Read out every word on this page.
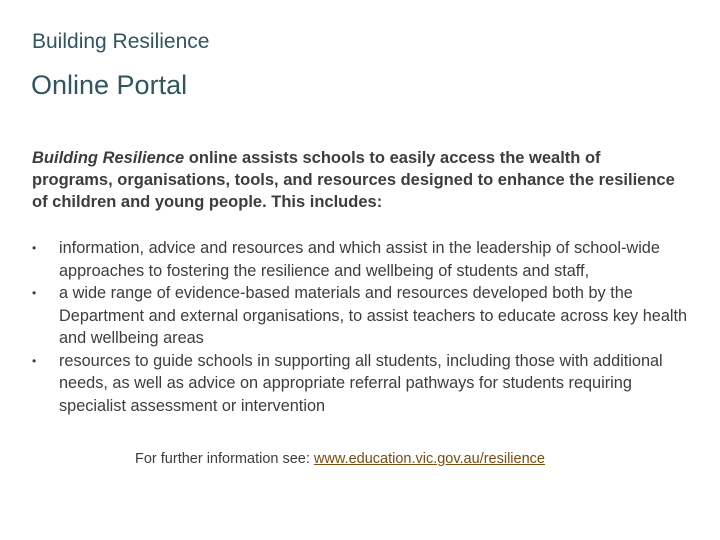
Building Resilience
Online Portal
Building Resilience online assists schools to easily access the wealth of programs, organisations, tools, and resources designed to enhance the resilience of children and young people. This includes:
•	information, advice and resources and which assist in the leadership of school-wide approaches to fostering the resilience and wellbeing of students and staff,
•	a wide range of evidence-based materials and resources developed both by the Department and external organisations, to assist teachers to educate across key health and wellbeing areas
•	resources to guide schools in supporting all students, including those with additional needs, as well as advice on appropriate referral pathways for students requiring specialist assessment or intervention
For further information see: www.education.vic.gov.au/resilience
